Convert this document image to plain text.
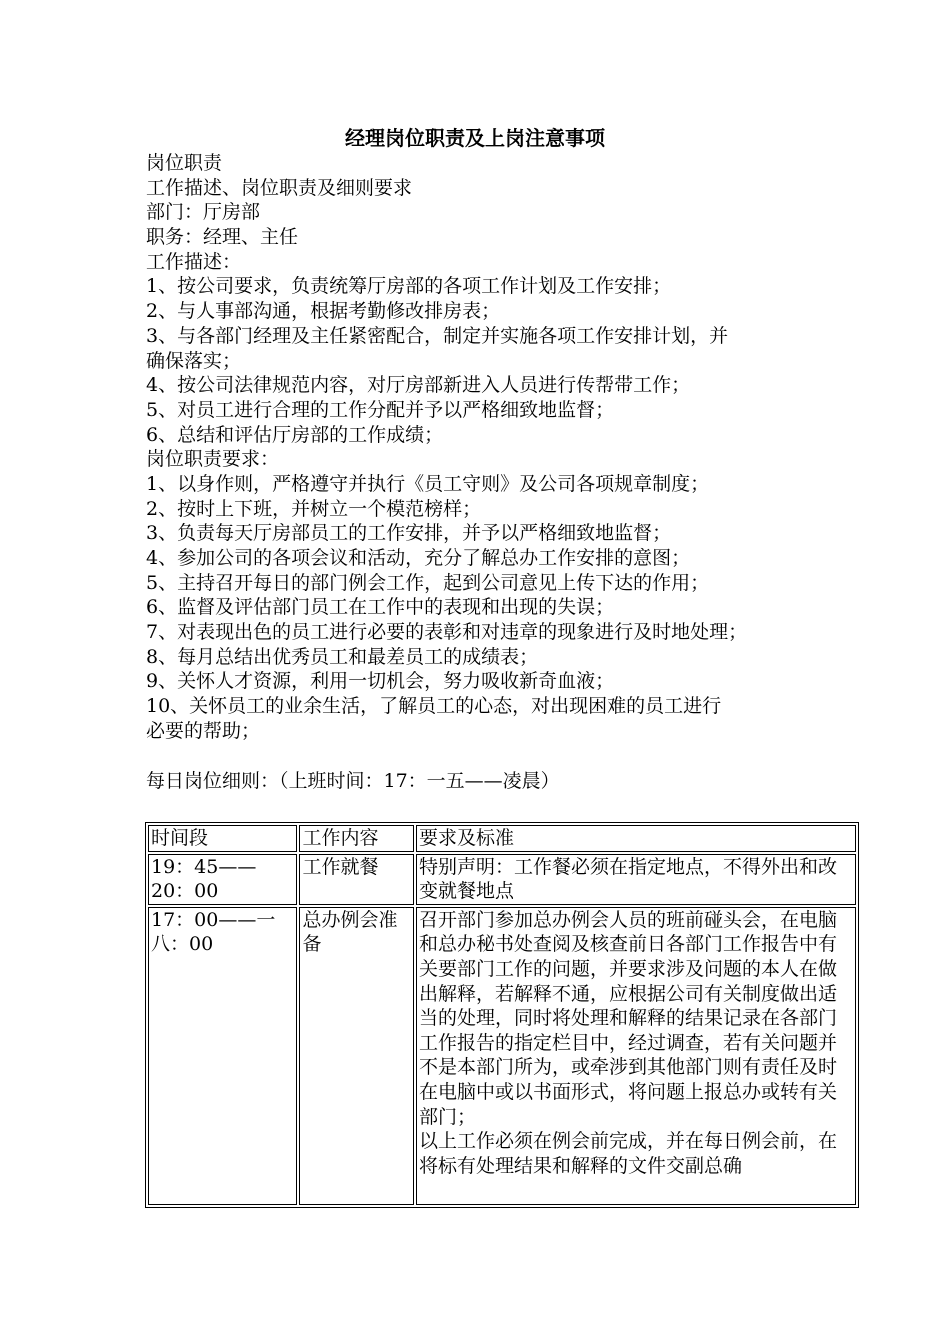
经理岗位职责及上岗注意事项
岗位职责
工作描述、岗位职责及细则要求
部门：厅房部
职务：经理、主任
工作描述：
1、按公司要求，负责统筹厅房部的各项工作计划及工作安排；
2、与人事部沟通，根据考勤修改排房表；
3、与各部门经理及主任紧密配合，制定并实施各项工作安排计划，并
确保落实；
4、按公司法律规范内容，对厅房部新进入人员进行传帮带工作；
5、对员工进行合理的工作分配并予以严格细致地监督；
6、总结和评估厅房部的工作成绩；
岗位职责要求：
1、以身作则，严格遵守并执行《员工守则》及公司各项规章制度；
2、按时上下班，并树立一个模范榜样；
3、负责每天厅房部员工的工作安排，并予以严格细致地监督；
4、参加公司的各项会议和活动，充分了解总办工作安排的意图；
5、主持召开每日的部门例会工作，起到公司意见上传下达的作用；
6、监督及评估部门员工在工作中的表现和出现的失误；
7、对表现出色的员工进行必要的表彰和对违章的现象进行及时地处理；
8、每月总结出优秀员工和最差员工的成绩表；
9、关怀人才资源，利用一切机会，努力吸收新奇血液；
10、关怀员工的业余生活，了解员工的心态，对出现困难的员工进行
必要的帮助；
每日岗位细则：（上班时间：17：一五——凌晨）
时间段	工作内容	要求及标准
19：45——20：00	工作就餐	特别声明：工作餐必须在指定地点，不得外出和改变就餐地点
17：00——一八：00	总办例会准备	召开部门参加总办例会人员的班前碰头会，在电脑和总办秘书处查阅及核查前日各部门工作报告中有关要部门工作的问题，并要求涉及问题的本人在做出解释，若解释不通，应根据公司有关制度做出适当的处理，同时将处理和解释的结果记录在各部门工作报告的指定栏目中，经过调查，若有关问题并不是本部门所为，或牵涉到其他部门则有责任及时在电脑中或以书面形式，将问题上报总办或转有关部门；
以上工作必须在例会前完成，并在每日例会前，在将标有处理结果和解释的文件交副总确
